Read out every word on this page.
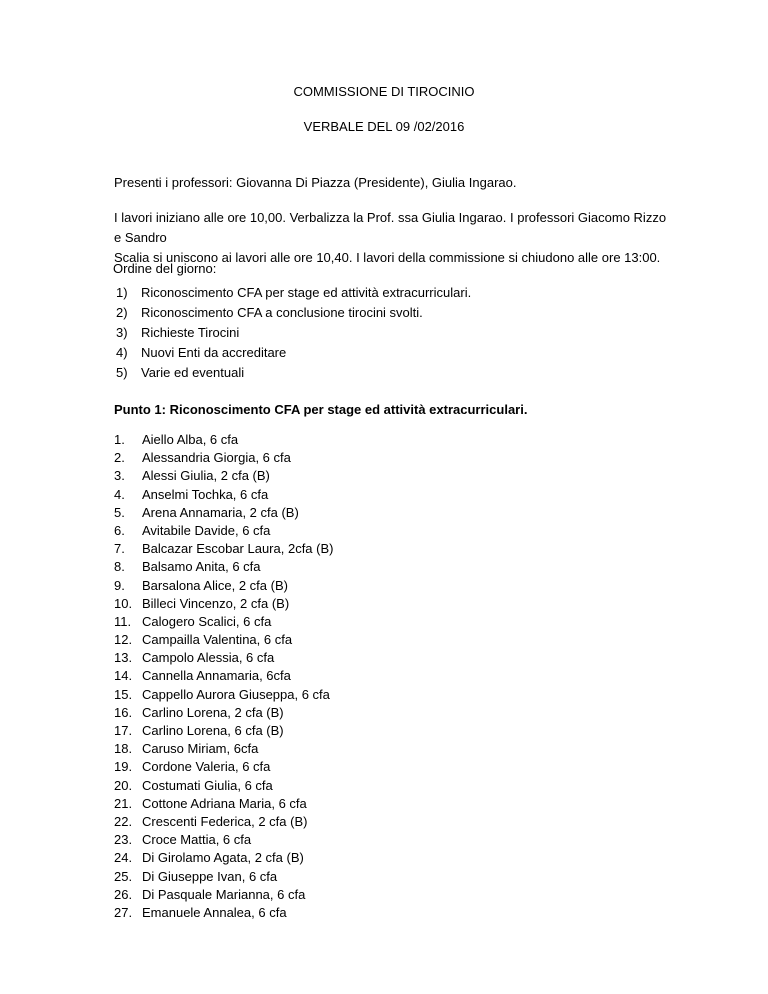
COMMISSIONE DI TIROCINIO
VERBALE DEL 09 /02/2016
Presenti i professori: Giovanna Di Piazza (Presidente), Giulia Ingarao.
I lavori iniziano alle ore 10,00. Verbalizza la Prof. ssa Giulia Ingarao. I professori Giacomo Rizzo e Sandro
Scalia si uniscono ai lavori alle ore 10,40. I lavori della commissione si chiudono alle ore 13:00.
Ordine del giorno:
1) Riconoscimento CFA per stage ed attività extracurriculari.
2) Riconoscimento CFA a conclusione tirocini svolti.
3) Richieste Tirocini
4) Nuovi Enti da accreditare
5) Varie ed eventuali
Punto 1: Riconoscimento CFA per stage ed attività extracurriculari.
1. Aiello Alba, 6 cfa
2. Alessandria Giorgia, 6 cfa
3. Alessi Giulia, 2 cfa (B)
4. Anselmi Tochka, 6 cfa
5. Arena Annamaria, 2 cfa (B)
6. Avitabile Davide, 6 cfa
7. Balcazar Escobar Laura, 2cfa (B)
8. Balsamo Anita, 6 cfa
9. Barsalona Alice, 2 cfa (B)
10. Billeci Vincenzo, 2 cfa (B)
11. Calogero Scalici, 6 cfa
12. Campailla Valentina, 6 cfa
13. Campolo Alessia, 6 cfa
14. Cannella Annamaria, 6cfa
15. Cappello Aurora Giuseppa, 6 cfa
16. Carlino Lorena, 2 cfa (B)
17. Carlino Lorena, 6 cfa (B)
18. Caruso Miriam, 6cfa
19. Cordone Valeria, 6 cfa
20. Costumati Giulia, 6 cfa
21. Cottone Adriana Maria, 6 cfa
22. Crescenti Federica, 2 cfa (B)
23. Croce Mattia, 6 cfa
24. Di Girolamo Agata, 2 cfa (B)
25. Di Giuseppe Ivan, 6 cfa
26. Di Pasquale Marianna, 6 cfa
27. Emanuele Annalea, 6 cfa
